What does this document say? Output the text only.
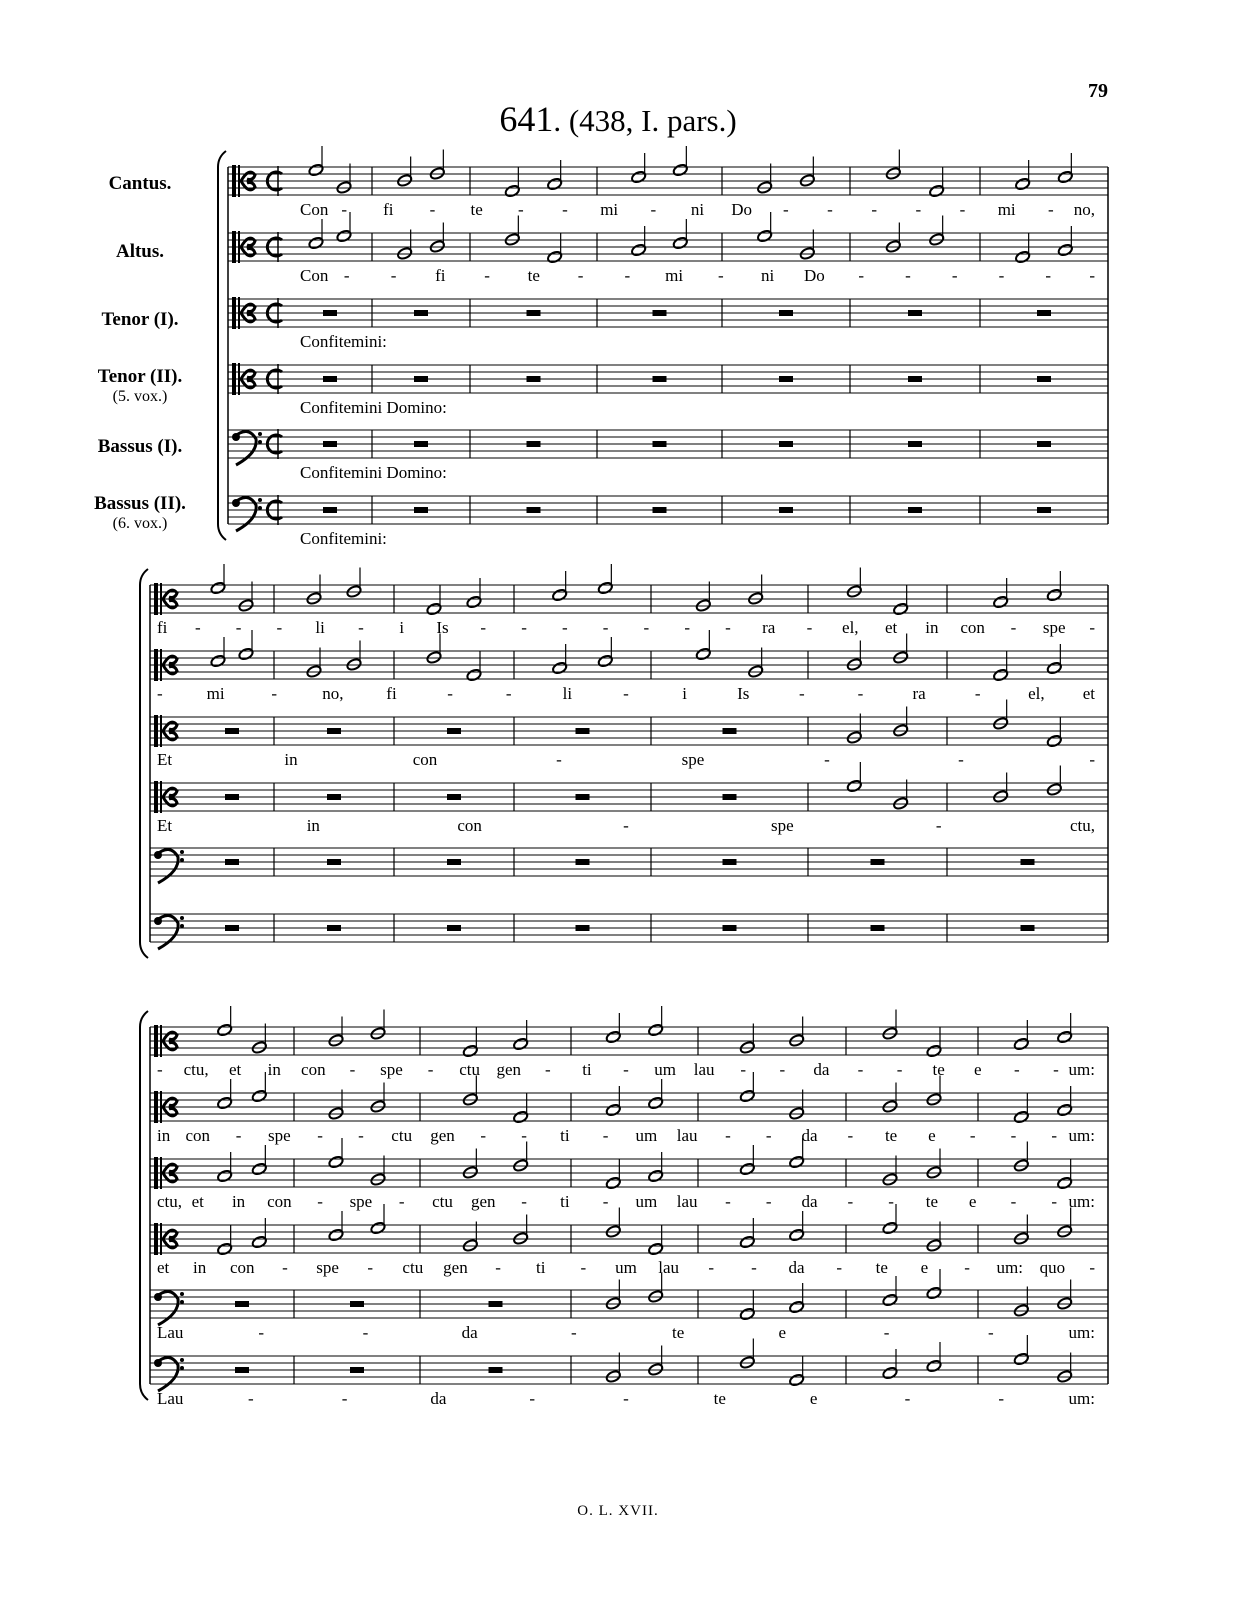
79
641. (438, I. pars.)
Cantus.
Altus.
Tenor (I).
Tenor (II).
(5. vox.)
Bassus (I).
Bassus (II).
(6. vox.)
Con - fi - te - - mi - ni Do - - - - - mi - no,
Con - - fi - te - - mi - ni Do - - - - - -
Confitemini:
Confitemini Domino:
Confitemini Domino:
Confitemini:
fi - - - li - i Is - - - - - - - ra - el, et in con - spe -
-	mi	-	no,	fi	-	-	li	-	i	Is	-	-	ra	-	el, et
Et	in	con	-	spe	-	-	-
Et	in	con	-	spe	-	ctu,
- ctu, et in con - spe - ctu gen - ti - um lau - - da - - te e - - um:
in con - spe - - ctu gen - - ti - um lau - - da - te e - - - um:
ctu, et in con - spe - ctu gen - ti - um lau - - da - - te e - - um:
et in con - spe - ctu gen - ti - um lau - - da - te e - um: quo -
Lau	-	-	da	-	te	e	-	-	um:
Lau	-	-	da	-	-	te	e	-	-	um:
O. L. XVII.
